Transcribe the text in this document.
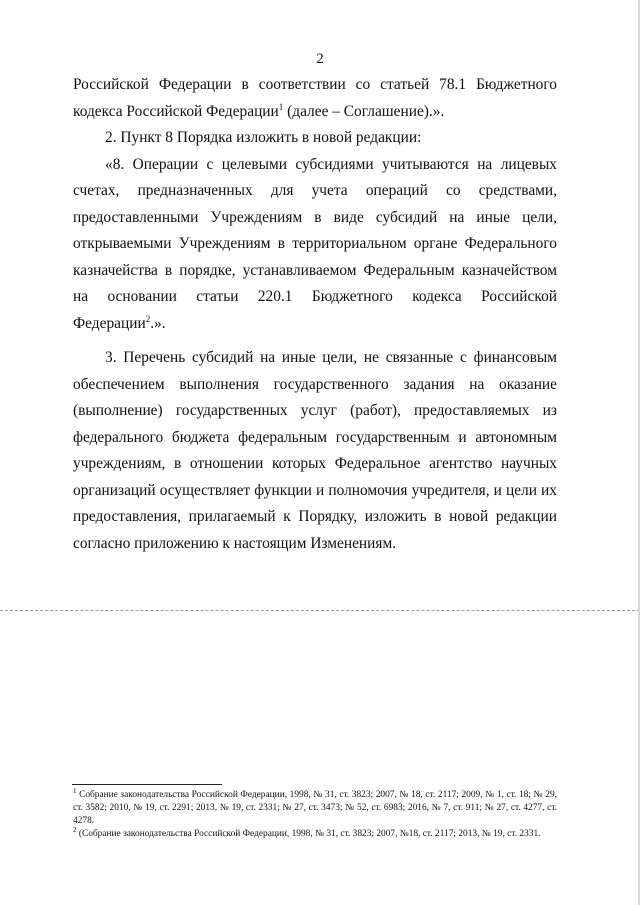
2

Российской Федерации в соответствии со статьей 78.1 Бюджетного кодекса Российской Федерации$^1$ (далее – Соглашение).».

2. Пункт 8 Порядка изложить в новой редакции:

«8. Операции с целевыми субсидиями учитываются на лицевых счетах, предназначенных для учета операций со средствами, предоставленными Учреждениям в виде субсидий на иные цели, открываемыми Учреждениям в территориальном органе Федерального казначейства в порядке, устанавливаемом Федеральным казначейством на основании статьи 220.1 Бюджетного кодекса Российской Федерации$^2$.».

3. Перечень субсидий на иные цели, не связанные с финансовым обеспечением выполнения государственного задания на оказание (выполнение) государственных услуг (работ), предоставляемых из федерального бюджета федеральным государственным и автономным учреждениям, в отношении которых Федеральное агентство научных организаций осуществляет функции и полномочия учредителя, и цели их предоставления, прилагаемый к Порядку, изложить в новой редакции согласно приложению к настоящим Изменениям.

$^1$ Собрание законодательства Российской Федерации, 1998, № 31, ст. 3823; 2007, № 18, ст. 2117; 2009, № 1, ст. 18; № 29, ст. 3582; 2010, № 19, ст. 2291; 2013, № 19, ст. 2331; № 27, ст. 3473; № 52, ст. 6983; 2016, № 7, ст. 911; № 27, ст. 4277, ст. 4278.

$^2$ (Собрание законодательства Российской Федерации, 1998, № 31, ст. 3823; 2007, №18, ст. 2117; 2013, № 19, ст. 2331.
